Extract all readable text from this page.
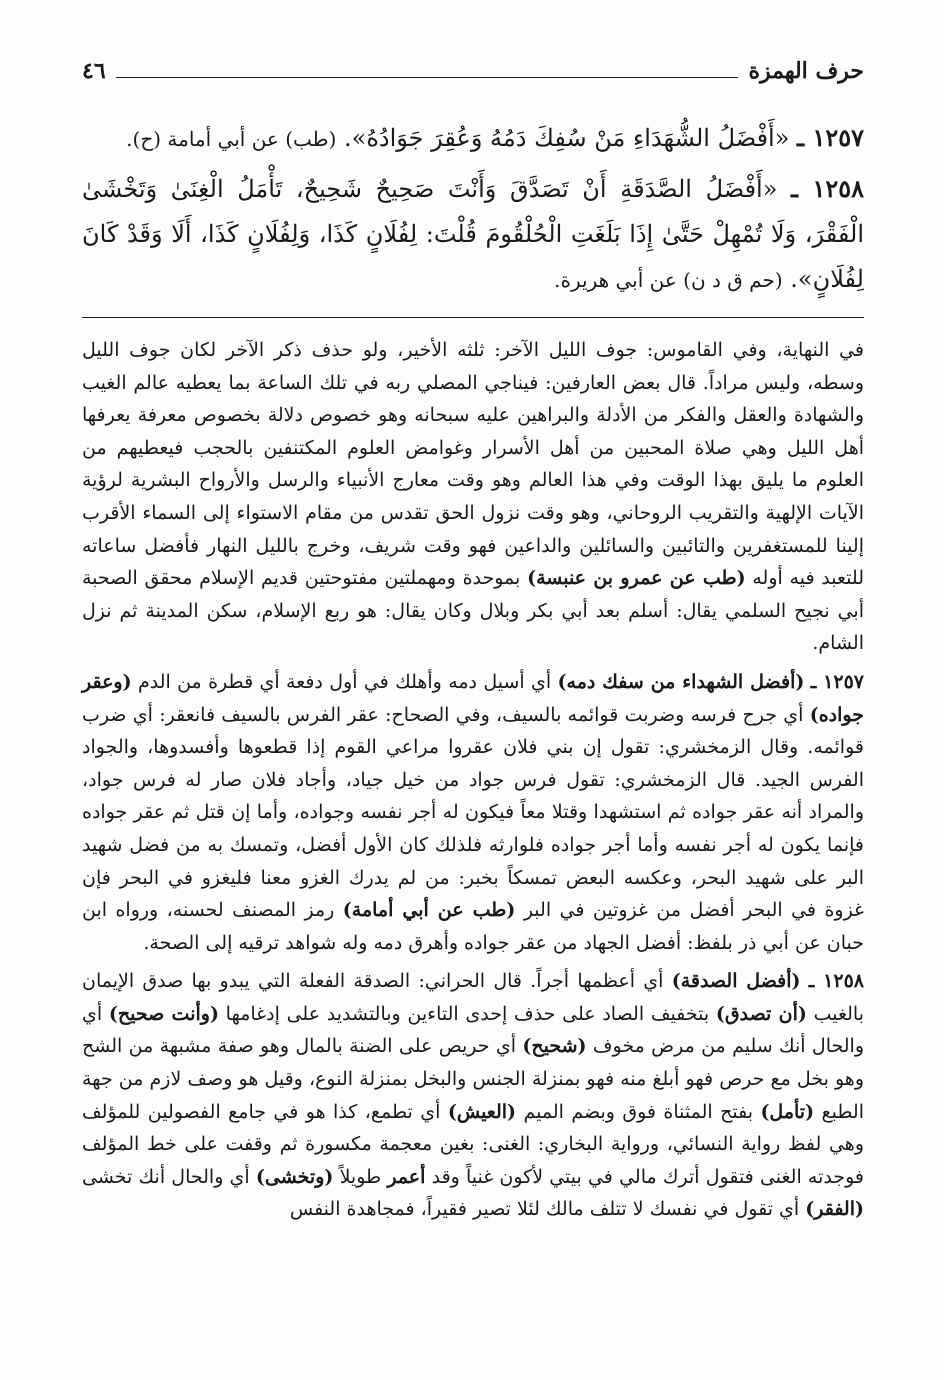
حرف الهمزة
٤٦

١٢٥٧ ـ «أَفْضَلُ الشُّهَدَاءِ مَنْ سُفِكَ دَمُهُ وَعُقِرَ جَوَادُهُ». (طب) عن أبي أمامة (ح).

١٢٥٨ ـ «أَفْضَلُ الصَّدَقَةِ أَنْ تَصَدَّقَ وَأَنْتَ صَحِيحٌ شَحِيحٌ، تَأْمَلُ الْغِنَىٰ وَتَخْشَىٰ الْفَقْرَ، وَلَا تُمْهِلْ حَتَّىٰ إِذَا بَلَغَتِ الْحُلْقُومَ قُلْتَ: لِفُلَانٍ كَذَا، وَلِفُلَانٍ كَذَا، أَلَا وَقَدْ كَانَ لِفُلَانٍ». (حم ق د ن) عن أبي هريرة.

في النهاية، وفي القاموس: جوف الليل الآخر: ثلثه الأخير، ولو حذف ذكر الآخر لكان جوف الليل وسطه، وليس مراداً. قال بعض العارفين: فيناجي المصلي ربه في تلك الساعة بما يعطيه عالم الغيب والشهادة والعقل والفكر من الأدلة والبراهين عليه سبحانه وهو خصوص دلالة بخصوص معرفة يعرفها أهل الليل وهي صلاة المحبين من أهل الأسرار وغوامض العلوم المكتنفين بالحجب فيعطيهم من العلوم ما يليق بهذا الوقت وفي هذا العالم وهو وقت معارج الأنبياء والرسل والأرواح البشرية لرؤية الآيات الإلهية والتقريب الروحاني، وهو وقت نزول الحق تقدس من مقام الاستواء إلى السماء الأقرب إلينا للمستغفرين والتائبين والسائلين والداعين فهو وقت شريف، وخرج بالليل النهار فأفضل ساعاته للتعبد فيه أوله (طب عن عمرو بن عنبسة) بموحدة ومهملتين مفتوحتين قديم الإسلام محقق الصحبة أبي نجيح السلمي يقال: أسلم بعد أبي بكر وبلال وكان يقال: هو ربع الإسلام، سكن المدينة ثم نزل الشام.

١٢٥٧ ـ (أفضل الشهداء من سفك دمه) أي أسيل دمه وأهلك في أول دفعة أي قطرة من الدم (وعقر جواده) أي جرح فرسه وضربت قوائمه بالسيف، وفي الصحاح: عقر الفرس بالسيف فانعقر: أي ضرب قوائمه. وقال الزمخشري: تقول إن بني فلان عقروا مراعي القوم إذا قطعوها وأفسدوها، والجواد الفرس الجيد. قال الزمخشري: تقول فرس جواد من خيل جياد، وأجاد فلان صار له فرس جواد، والمراد أنه عقر جواده ثم استشهدا وقتلا معاً فيكون له أجر نفسه وجواده، وأما إن قتل ثم عقر جواده فإنما يكون له أجر نفسه وأما أجر جواده فلوارثه فلذلك كان الأول أفضل، وتمسك به من فضل شهيد البر على شهيد البحر، وعكسه البعض تمسكاً بخبر: من لم يدرك الغزو معنا فليغزو في البحر فإن غزوة في البحر أفضل من غزوتين في البر (طب عن أبي أمامة) رمز المصنف لحسنه، ورواه ابن حبان عن أبي ذر بلفظ: أفضل الجهاد من عقر جواده وأهرق دمه وله شواهد ترقيه إلى الصحة.

١٢٥٨ ـ (أفضل الصدقة) أي أعظمها أجراً. قال الحراني: الصدقة الفعلة التي يبدو بها صدق الإيمان بالغيب (أن تصدق) بتخفيف الصاد على حذف إحدى التاءين وبالتشديد على إدغامها (وأنت صحيح) أي والحال أنك سليم من مرض مخوف (شحيح) أي حريص على الضنة بالمال وهو صفة مشبهة من الشح وهو بخل مع حرص فهو أبلغ منه فهو بمنزلة الجنس والبخل بمنزلة النوع، وقيل هو وصف لازم من جهة الطبع (تأمل) بفتح المثناة فوق وبضم الميم (العيش) أي تطمع، كذا هو في جامع الفصولين للمؤلف وهي لفظ رواية النسائي، ورواية البخاري: الغنى: بغين معجمة مكسورة ثم وقفت على خط المؤلف فوجدته الغنى فتقول أترك مالي في بيتي لأكون غنياً وقد أعمر طويلاً (وتخشى) أي والحال أنك تخشى (الفقر) أي تقول في نفسك لا تتلف مالك لئلا تصير فقيراً، فمجاهدة النفس
